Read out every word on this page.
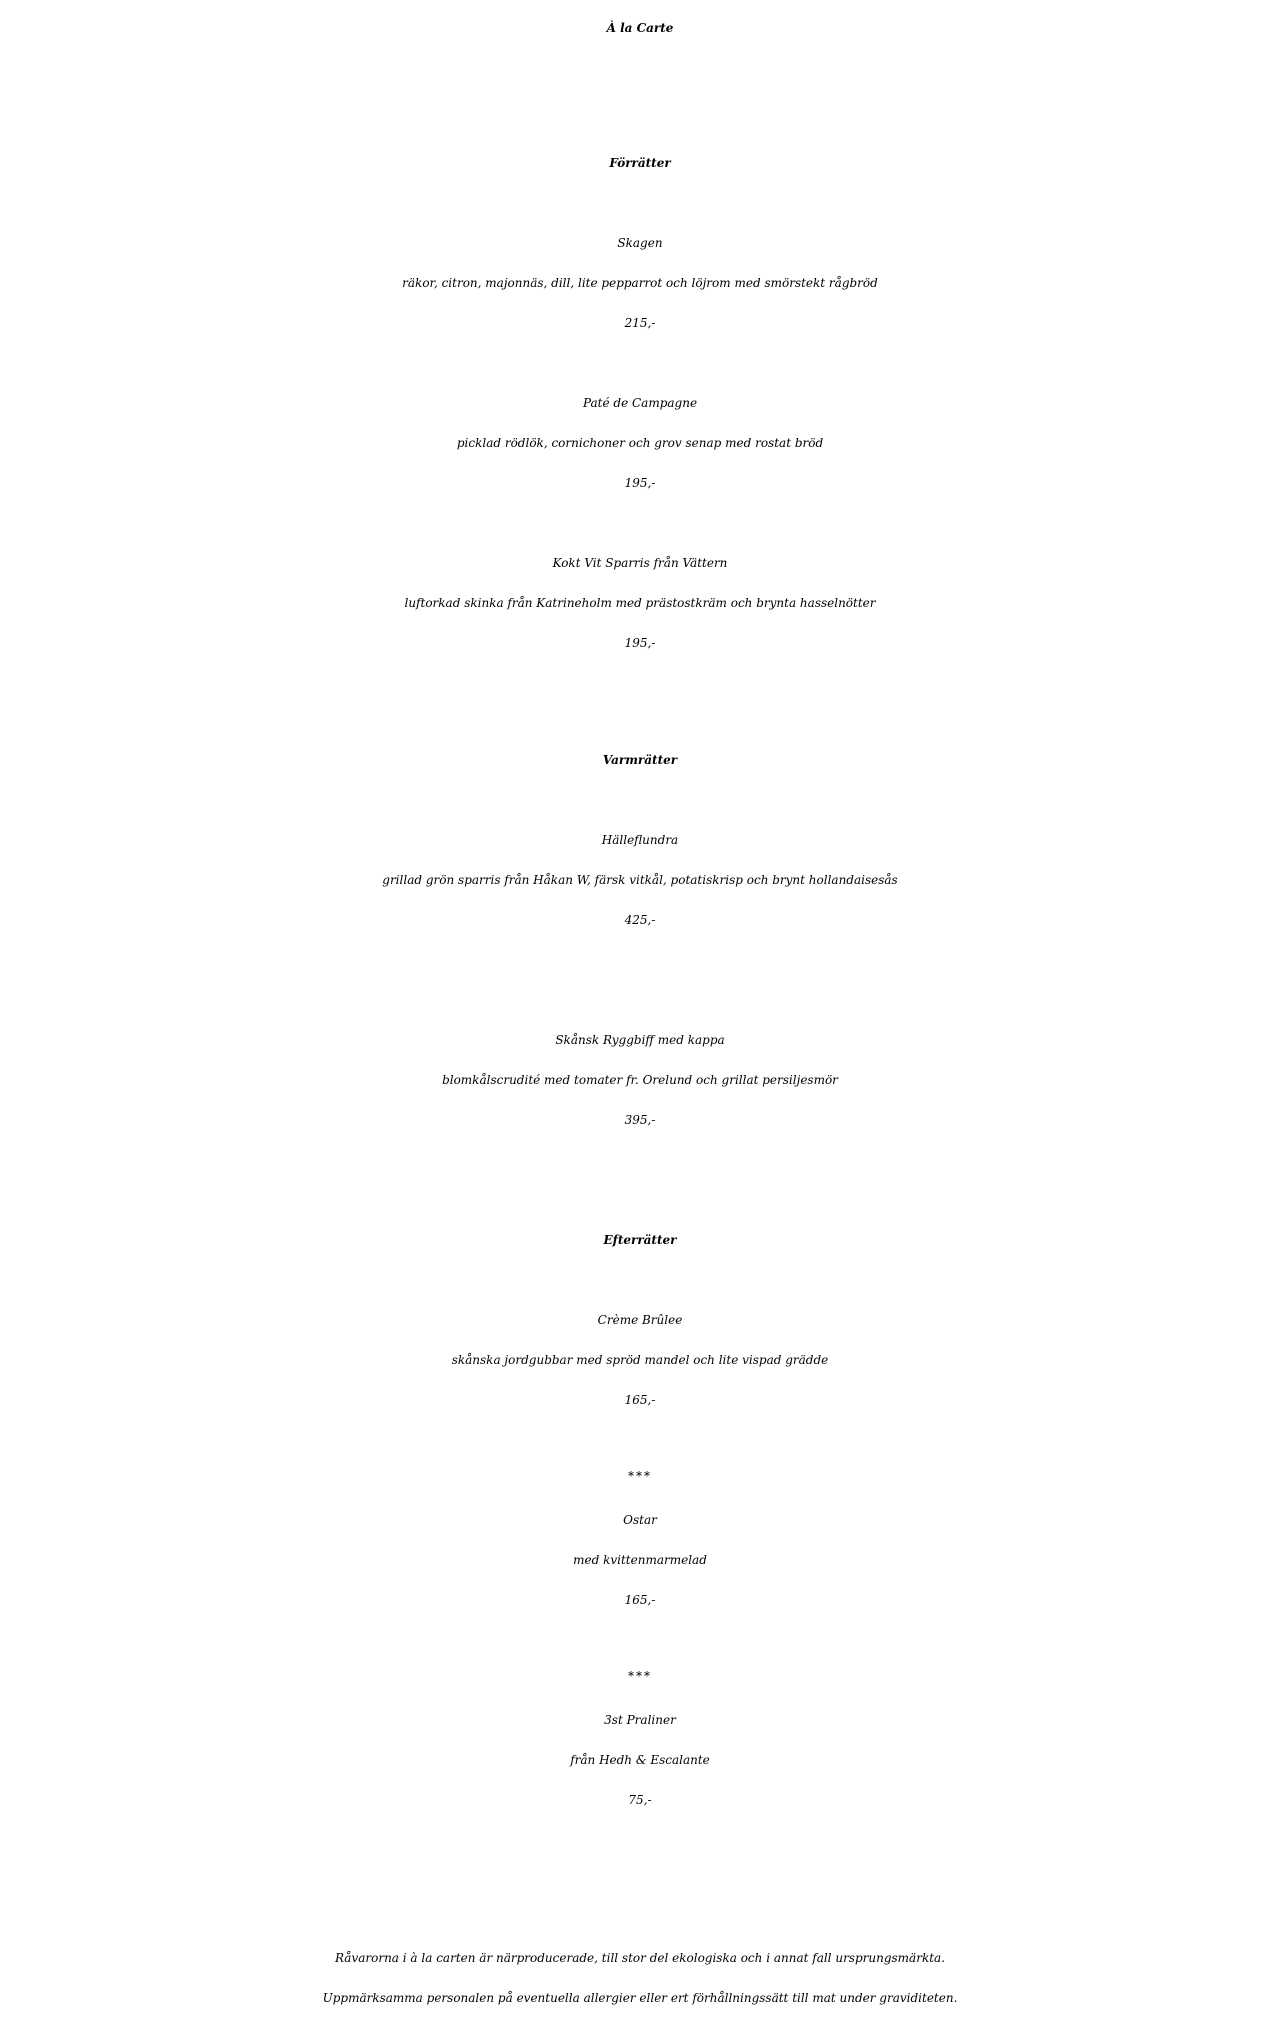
À la Carte
Förrätter
Skagen
räkor, citron, majonnäs, dill, lite pepparrot och löjrom med smörstekt rågbröd
215,-
Paté de Campagne
picklad rödlök, cornichoner och grov senap med rostat bröd
195,-
Kokt Vit Sparris från Vättern
luftorkad skinka från Katrineholm med prästostkräm och brynta hasselnötter
195,-
Varmrätter
Hälleflundra
grillad grön sparris från Håkan W, färsk vitkål, potatiskrisp och brynt hollandaisesås
425,-
Skånsk Ryggbiff med kappa
blomkålscrudité med tomater fr. Orelund och grillat persiljesmör
395,-
Efterrätter
Crème Brûlee
skånska jordgubbar med spröd mandel och lite vispad grädde
165,-
***
Ostar
med kvittenmarmelad
165,-
***
3st Praliner
från Hedh & Escalante
75,-
Råvarorna i à la carten är närproducerade, till stor del ekologiska och i annat fall ursprungsmärkta.
Uppmärksamma personalen på eventuella allergier eller ert förhållningssätt till mat under graviditeten.
